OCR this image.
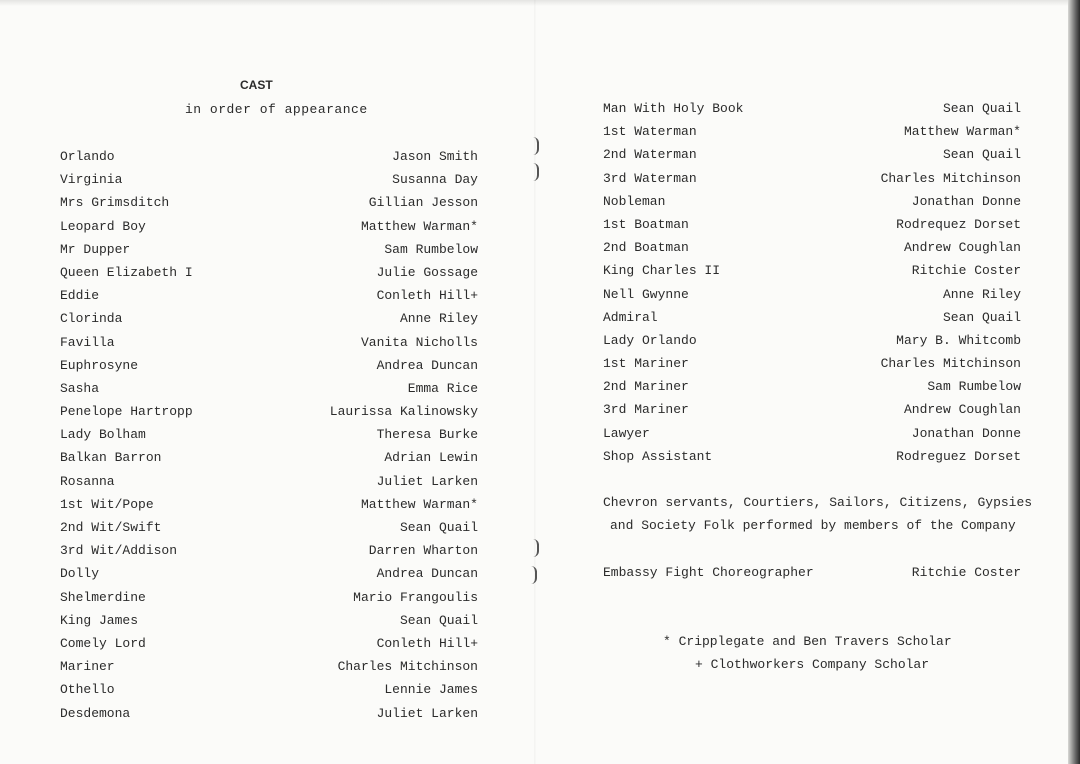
CAST
in order of appearance
Orlando	Jason Smith
Virginia	Susanna Day
Mrs Grimsditch	Gillian Jesson
Leopard Boy	Matthew Warman*
Mr Dupper	Sam Rumbelow
Queen Elizabeth I	Julie Gossage
Eddie	Conleth Hill+
Clorinda	Anne Riley
Favilla	Vanita Nicholls
Euphrosyne	Andrea Duncan
Sasha	Emma Rice
Penelope Hartropp	Laurissa Kalinowsky
Lady Bolham	Theresa Burke
Balkan Barron	Adrian Lewin
Rosanna	Juliet Larken
1st Wit/Pope	Matthew Warman*
2nd Wit/Swift	Sean Quail
3rd Wit/Addison	Darren Wharton
Dolly	Andrea Duncan
Shelmerdine	Mario Frangoulis
King James	Sean Quail
Comely Lord	Conleth Hill+
Mariner	Charles Mitchinson
Othello	Lennie James
Desdemona	Juliet Larken
Man With Holy Book	Sean Quail
1st Waterman	Matthew Warman*
2nd Waterman	Sean Quail
3rd Waterman	Charles Mitchinson
Nobleman	Jonathan Donne
1st Boatman	Rodrequez Dorset
2nd Boatman	Andrew Coughlan
King Charles II	Ritchie Coster
Nell Gwynne	Anne Riley
Admiral	Sean Quail
Lady Orlando	Mary B. Whitcomb
1st Mariner	Charles Mitchinson
2nd Mariner	Sam Rumbelow
3rd Mariner	Andrew Coughlan
Lawyer	Jonathan Donne
Shop Assistant	Rodreguez Dorset
Chevron servants, Courtiers, Sailors, Citizens, Gypsies
and Society Folk performed by members of the Company
Embassy Fight Choreographer	Ritchie Coster
* Cripplegate and Ben Travers Scholar
+ Clothworkers Company Scholar
